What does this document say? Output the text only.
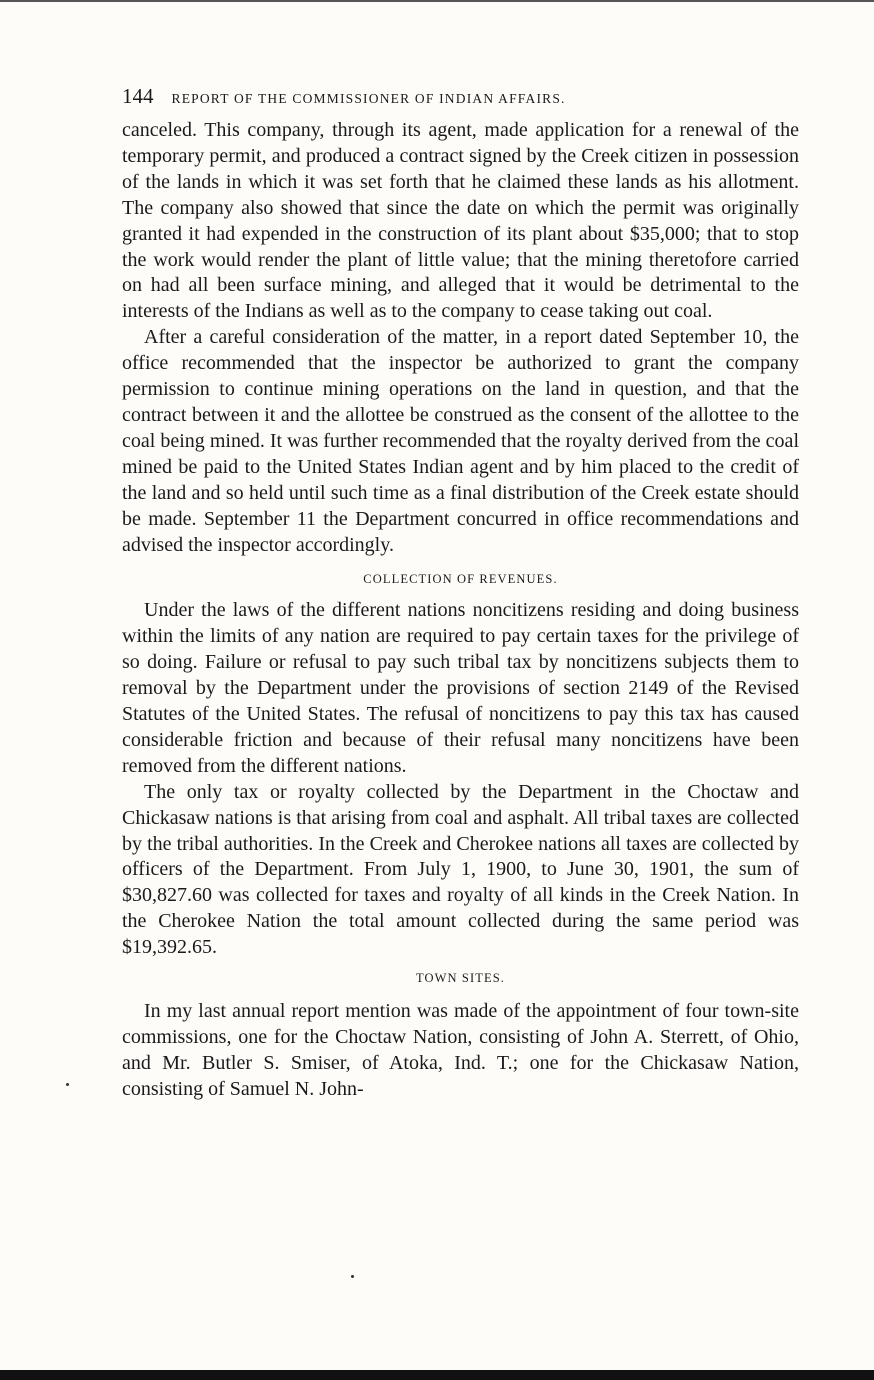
144 REPORT OF THE COMMISSIONER OF INDIAN AFFAIRS.

canceled. This company, through its agent, made application for a renewal of the temporary permit, and produced a contract signed by the Creek citizen in possession of the lands in which it was set forth that he claimed these lands as his allotment. The company also showed that since the date on which the permit was originally granted it had expended in the construction of its plant about $35,000; that to stop the work would render the plant of little value; that the mining theretofore carried on had all been surface mining, and alleged that it would be detrimental to the interests of the Indians as well as to the company to cease taking out coal.

After a careful consideration of the matter, in a report dated September 10, the office recommended that the inspector be authorized to grant the company permission to continue mining operations on the land in question, and that the contract between it and the allottee be construed as the consent of the allottee to the coal being mined. It was further recommended that the royalty derived from the coal mined be paid to the United States Indian agent and by him placed to the credit of the land and so held until such time as a final distribution of the Creek estate should be made. September 11 the Department concurred in office recommendations and advised the inspector accordingly.

COLLECTION OF REVENUES.

Under the laws of the different nations noncitizens residing and doing business within the limits of any nation are required to pay certain taxes for the privilege of so doing. Failure or refusal to pay such tribal tax by noncitizens subjects them to removal by the Department under the provisions of section 2149 of the Revised Statutes of the United States. The refusal of noncitizens to pay this tax has caused considerable friction and because of their refusal many noncitizens have been removed from the different nations.

The only tax or royalty collected by the Department in the Choctaw and Chickasaw nations is that arising from coal and asphalt. All tribal taxes are collected by the tribal authorities. In the Creek and Cherokee nations all taxes are collected by officers of the Department. From July 1, 1900, to June 30, 1901, the sum of $30,827.60 was collected for taxes and royalty of all kinds in the Creek Nation. In the Cherokee Nation the total amount collected during the same period was $19,392.65.

TOWN SITES.

In my last annual report mention was made of the appointment of four town-site commissions, one for the Choctaw Nation, consisting of John A. Sterrett, of Ohio, and Mr. Butler S. Smiser, of Atoka, Ind. T.; one for the Chickasaw Nation, consisting of Samuel N. John-
